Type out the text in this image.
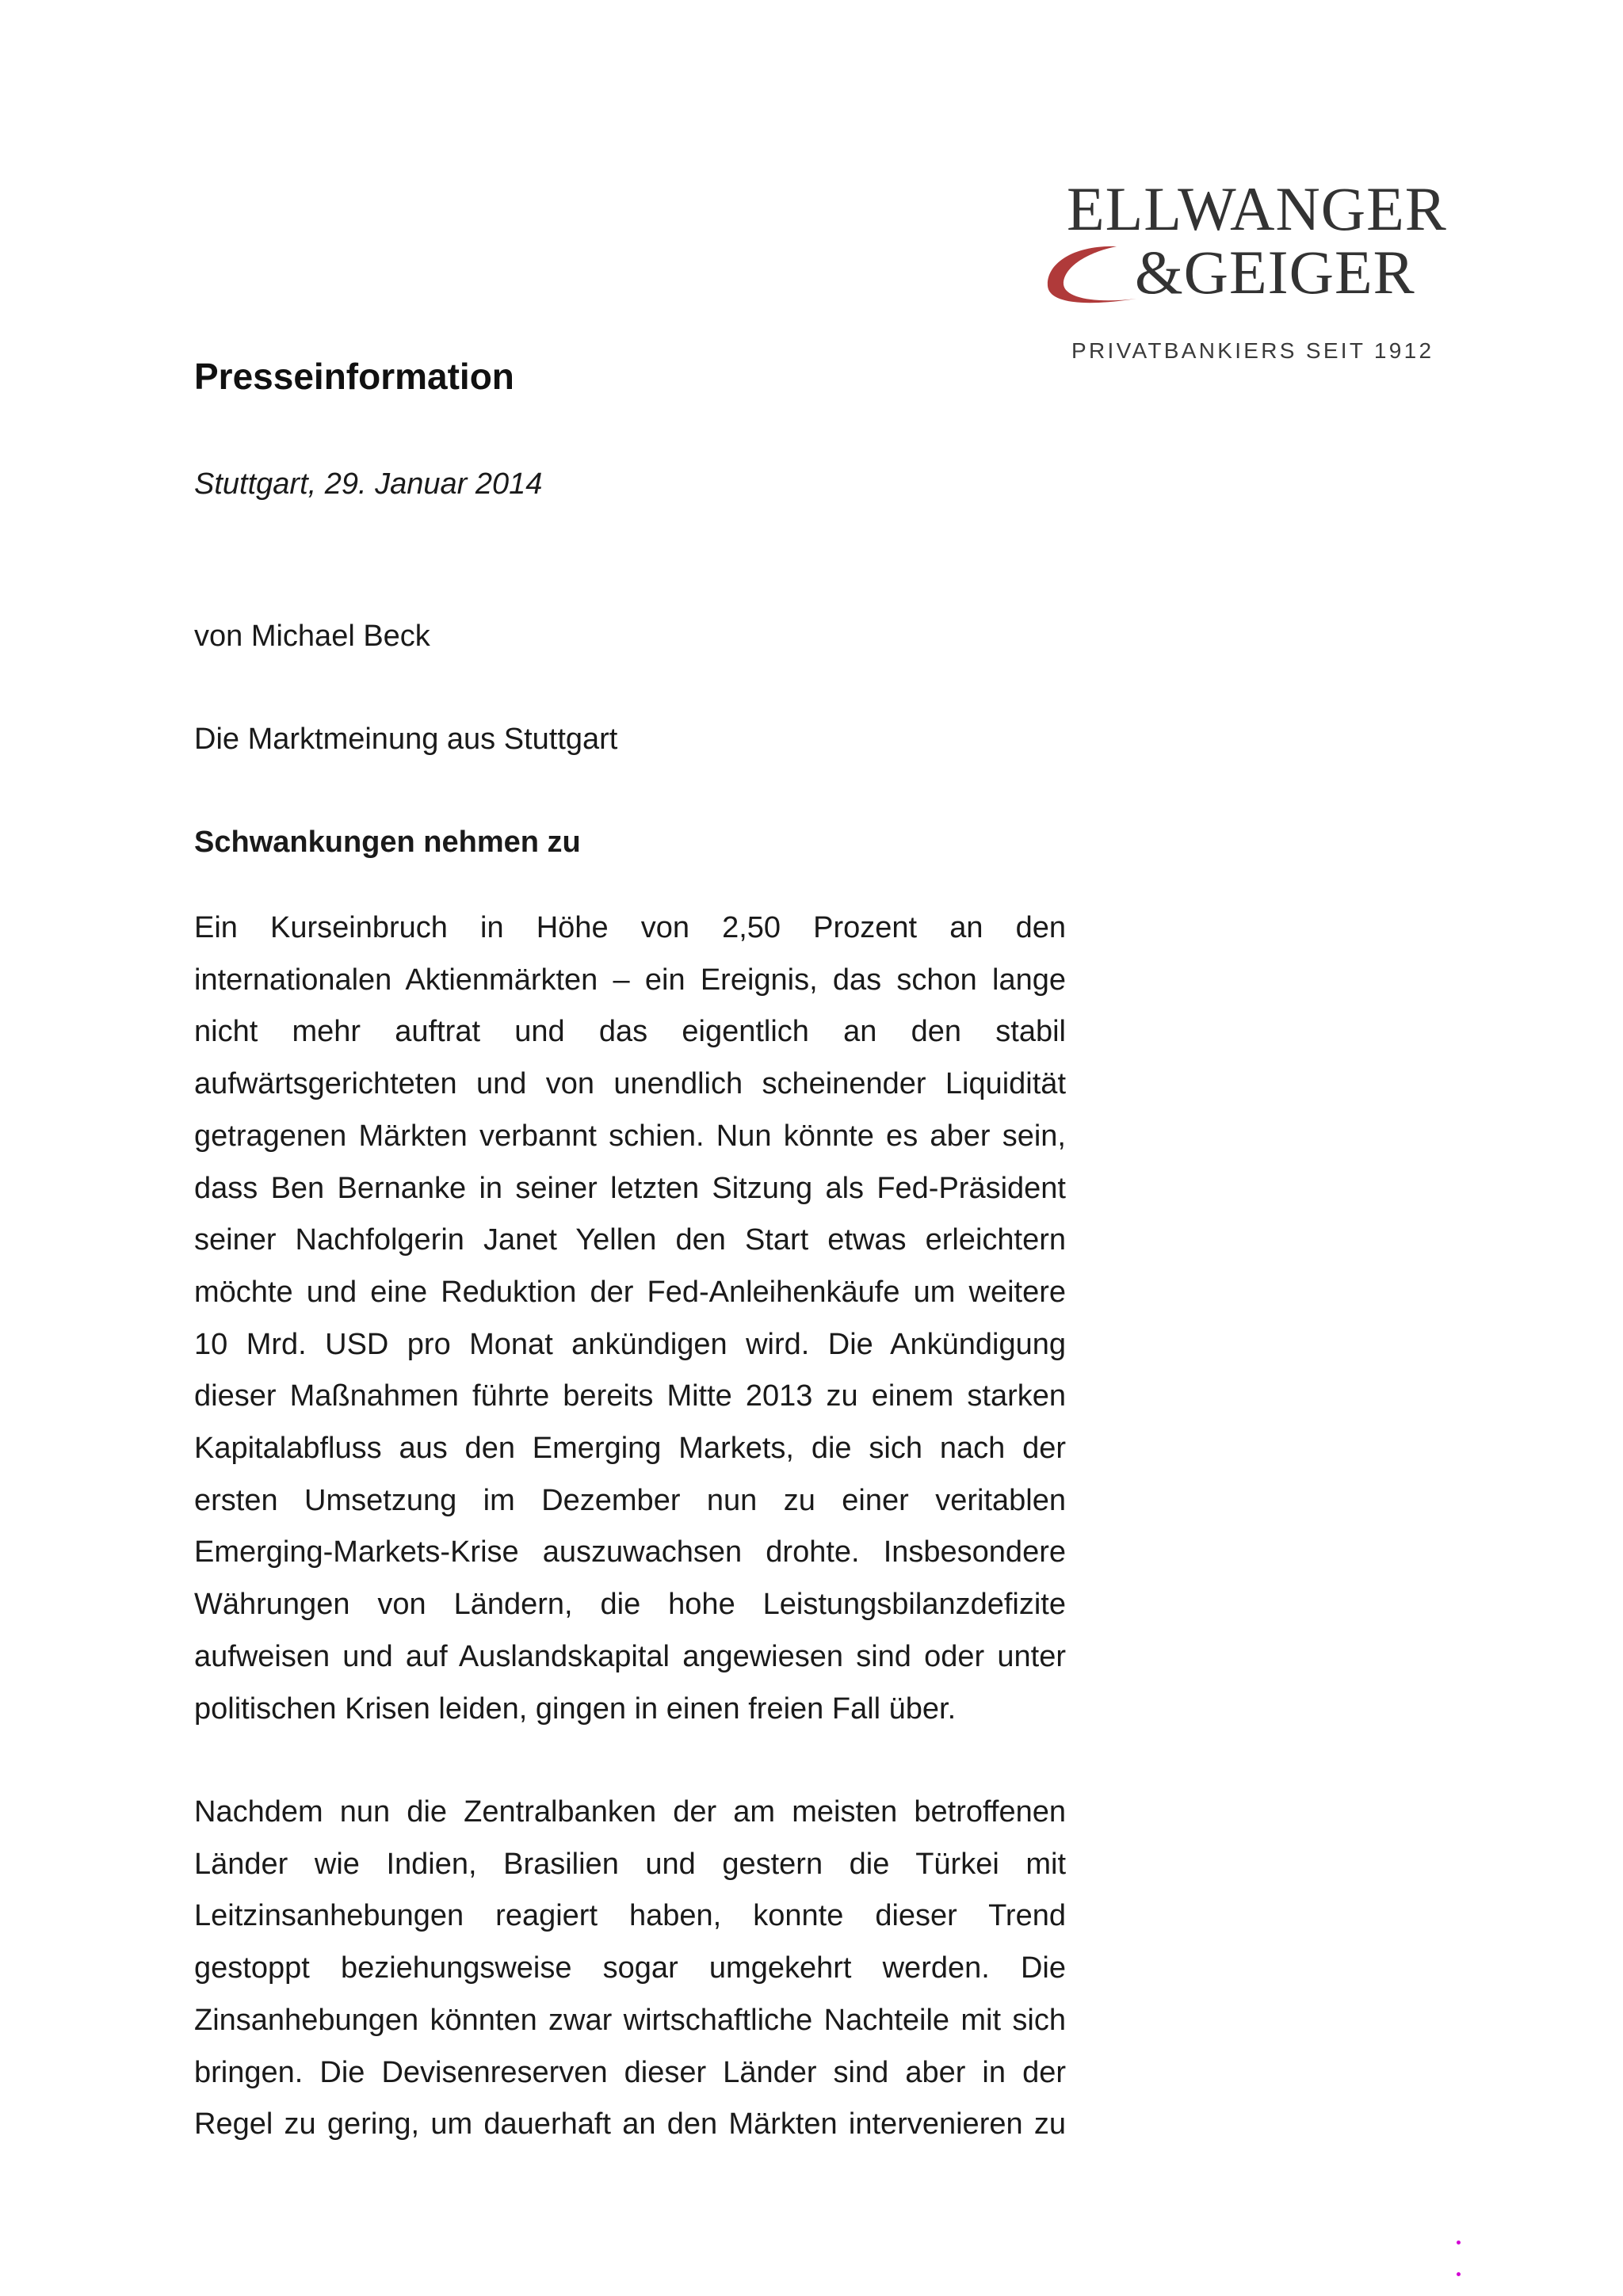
ELLWANGER
&GEIGER
PRIVATBANKIERS SEIT 1912
Presseinformation
Stuttgart, 29. Januar 2014
von Michael Beck
Die Marktmeinung aus Stuttgart
Schwankungen nehmen zu
Ein Kurseinbruch in Höhe von 2,50 Prozent an den
internationalen Aktienmärkten – ein Ereignis, das schon lange
nicht mehr auftrat und das eigentlich an den stabil
aufwärtsgerichteten und von unendlich scheinender Liquidität
getragenen Märkten verbannt schien. Nun könnte es aber sein,
dass Ben Bernanke in seiner letzten Sitzung als Fed-Präsident
seiner Nachfolgerin Janet Yellen den Start etwas erleichtern
möchte und eine Reduktion der Fed-Anleihenkäufe um weitere
10 Mrd. USD pro Monat ankündigen wird. Die Ankündigung
dieser Maßnahmen führte bereits Mitte 2013 zu einem starken
Kapitalabfluss aus den Emerging Markets, die sich nach der
ersten Umsetzung im Dezember nun zu einer veritablen
Emerging-Markets-Krise auszuwachsen drohte. Insbesondere
Währungen von Ländern, die hohe Leistungsbilanzdefizite
aufweisen und auf Auslandskapital angewiesen sind oder unter
politischen Krisen leiden, gingen in einen freien Fall über.
Nachdem nun die Zentralbanken der am meisten betroffenen
Länder wie Indien, Brasilien und gestern die Türkei mit
Leitzinsanhebungen reagiert haben, konnte dieser Trend
gestoppt beziehungsweise sogar umgekehrt werden. Die
Zinsanhebungen könnten zwar wirtschaftliche Nachteile mit sich
bringen. Die Devisenreserven dieser Länder sind aber in der
Regel zu gering, um dauerhaft an den Märkten intervenieren zu
